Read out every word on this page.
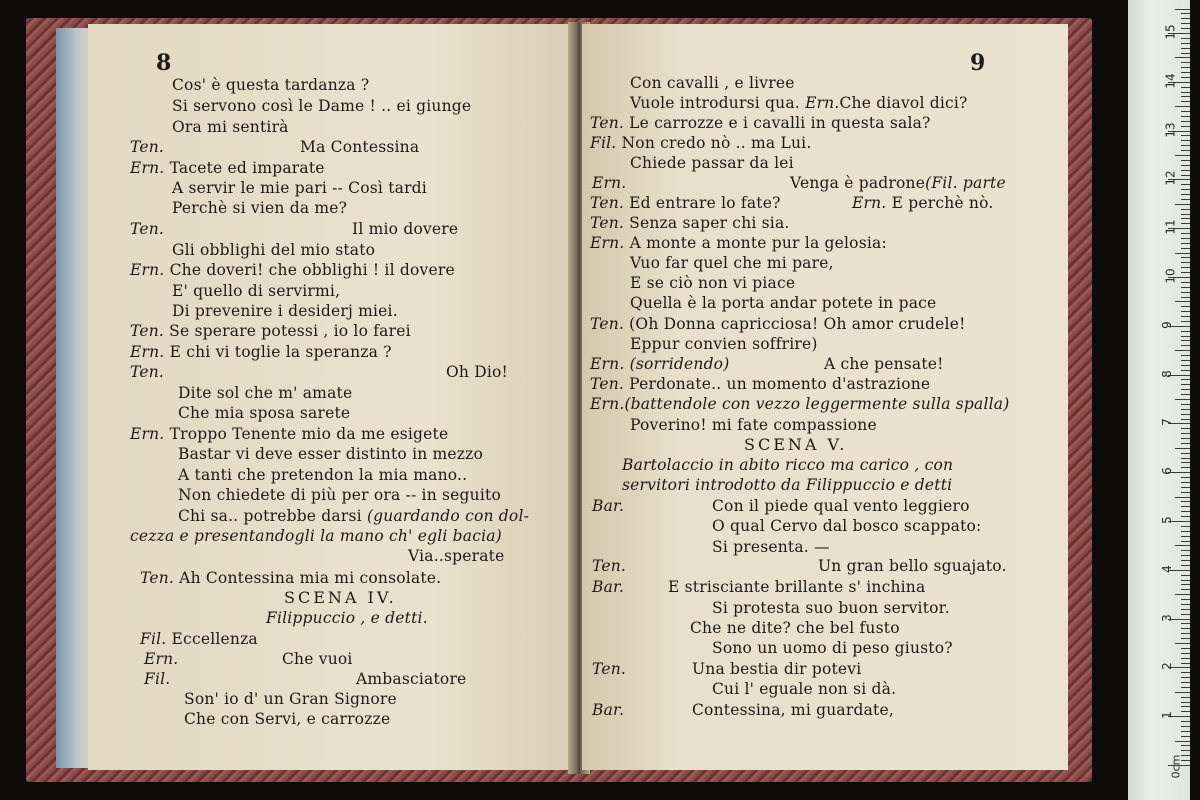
8
Cos' è questa tardanza ?
Si servono così le Dame ! .. ei giunge
Ora mi sentirà
Ten.	Ma Contessina
Ern. Tacete ed imparate
A servir le mie pari -- Così tardi
Perchè si vien da me?
Ten.	Il mio dovere
Gli obblighi del mio stato
Ern. Che doveri! che obblighi ! il dovere
E' quello di servirmi,
Di prevenire i desiderj miei.
Ten. Se sperare potessi , io lo farei
Ern. E chi vi toglie la speranza ?
Ten.	Oh Dio!
Dite sol che m' amate
Che mia sposa sarete
Ern. Troppo Tenente mio da me esigete
Bastar vi deve esser distinto in mezzo
A tanti che pretendon la mia mano..
Non chiedete di più per ora -- in seguito
Chi sa.. potrebbe darsi (guardando con dol-
cezza e presentandogli la mano ch' egli bacia)
Via..sperate
Ten. Ah Contessina mia mi consolate.
SCENA IV.
Filippuccio , e detti.
Fil. Eccellenza
Ern.	Che vuoi
Fil.	Ambasciatore
Son' io d' un Gran Signore
Che con Servi, e carrozze
9
Con cavalli , e livree
Vuole introdursi qua. Ern.Che diavol dici?
Ten. Le carrozze e i cavalli in questa sala?
Fil. Non credo nò .. ma Lui.
Chiede passar da lei
Ern.	Venga è padrone(Fil. parte
Ten. Ed entrare lo fate?	Ern. E perchè nò.
Ten. Senza saper chi sia.
Ern. A monte a monte pur la gelosia:
Vuo far quel che mi pare,
E se ciò non vi piace
Quella è la porta andar potete in pace
Ten. (Oh Donna capricciosa! Oh amor crudele!
Eppur convien soffrire)
Ern. (sorridendo)	A che pensate!
Ten. Perdonate.. un momento d'astrazione
Ern.(battendole con vezzo leggermente sulla spalla)
Poverino! mi fate compassione
SCENA V.
Bartolaccio in abito ricco ma carico , con
servitori introdotto da Filippuccio e detti
Bar.	Con il piede qual vento leggiero
O qual Cervo dal bosco scappato:
Si presenta. —
Ten.	Un gran bello sguajato.
Bar.	E strisciante brillante s' inchina
Si protesta suo buon servitor.
Che ne dite? che bel fusto
Sono un uomo di peso giusto?
Ten.	Una bestia dir potevi
Cui l' eguale non si dà.
Bar.	Contessina, mi guardate,	1
2
3
4
5
6
7
8
9
10
11
12
13
14
15
0cm
